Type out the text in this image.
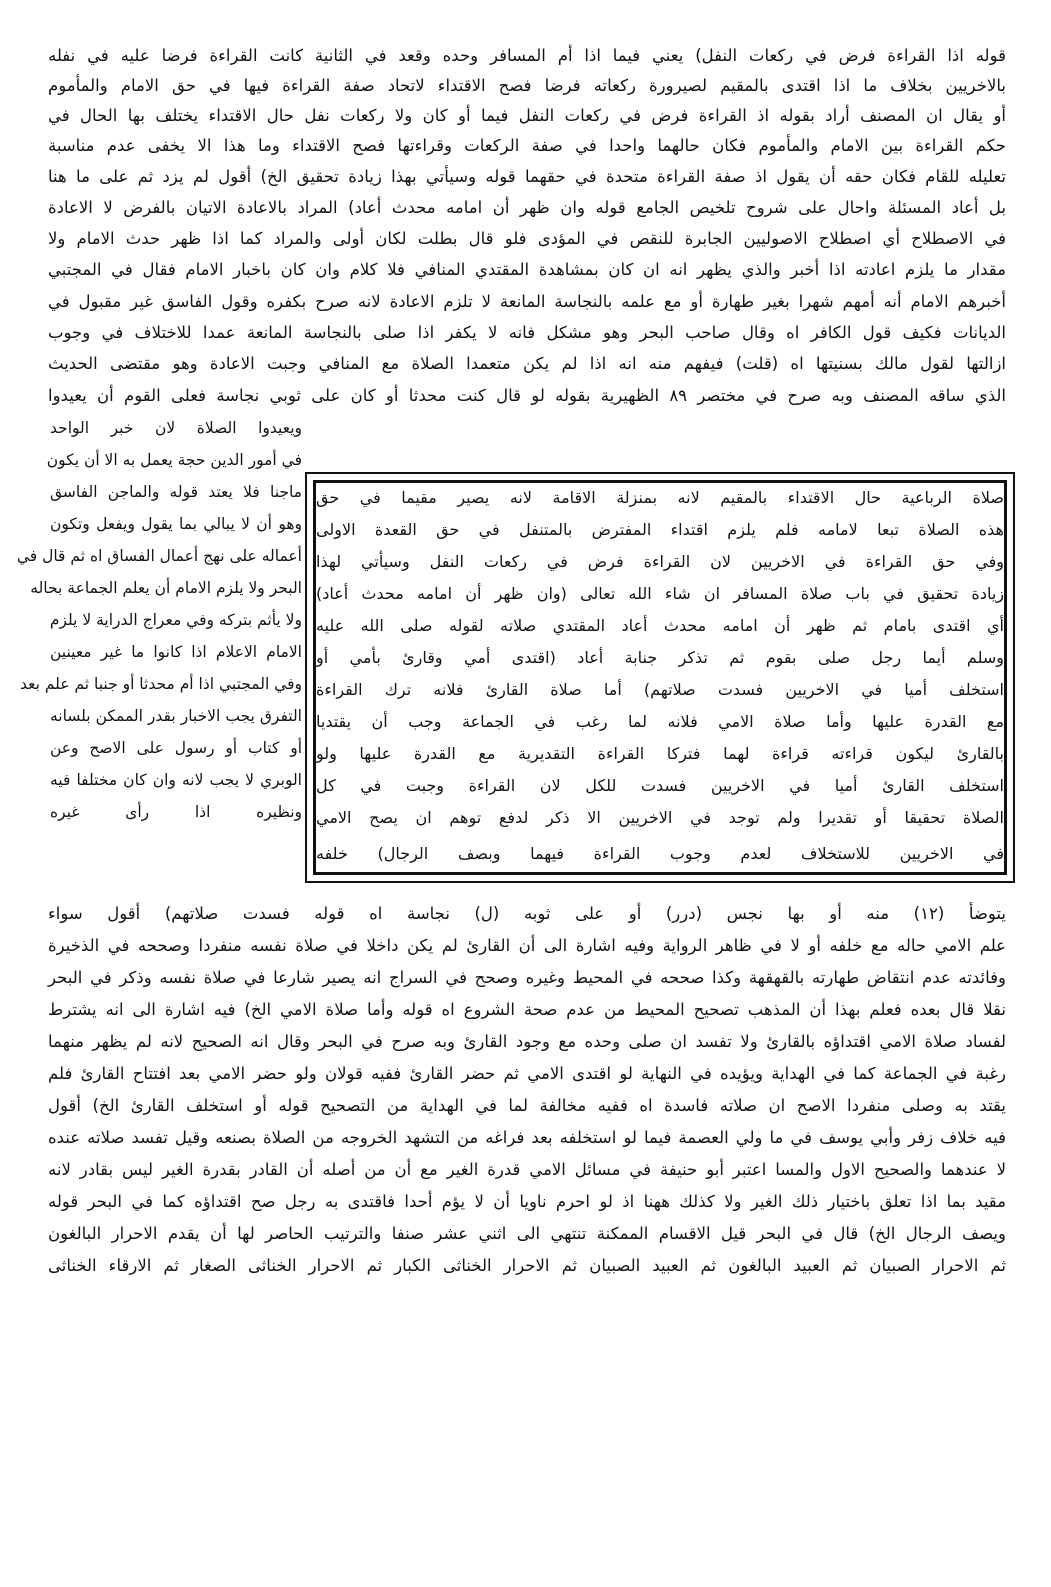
قوله اذا القراءة فرض في ركعات النفل) يعني فيما اذا أم المسافر وحده وقعد في الثانية كانت القراءة فرضا عليه في نفله
بالاخريين بخلاف ما اذا اقتدى بالمقيم لصيرورة ركعاته فرضا فصح الاقتداء لاتحاد صفة القراءة فيها في حق الامام والمأموم
أو يقال ان المصنف أراد بقوله اذ القراءة فرض في ركعات النفل فيما أو كان ولا ركعات نفل حال الاقتداء يختلف بها الحال في
حكم القراءة بين الامام والمأموم فكان حالهما واحدا في صفة الركعات وقراءتها فصح الاقتداء وما هذا الا يخفى عدم مناسبة
تعليله للقام فكان حقه أن يقول اذ صفة القراءة متحدة في حقهما قوله وسيأتي بهذا زيادة تحقيق الخ) أقول لم يزد ثم على ما هنا
بل أعاد المسئلة واحال على شروح تلخيص الجامع قوله وان ظهر أن امامه محدث أعاد) المراد بالاعادة الاتيان بالفرض لا الاعادة
في الاصطلاح أي اصطلاح الاصوليين الجابرة للنقص في المؤدى فلو قال بطلت لكان أولى والمراد كما اذا ظهر حدث الامام ولا
مقدار ما يلزم اعادته اذا أخبر والذي يظهر انه ان كان بمشاهدة المقتدي المنافي فلا كلام وان كان باخبار الامام فقال في المجتبي
أخبرهم الامام أنه أمهم شهرا بغير طهارة أو مع علمه بالنجاسة المانعة لا تلزم الاعادة لانه صرح بكفره وقول الفاسق غير مقبول في
الديانات فكيف قول الكافر اه وقال صاحب البحر وهو مشكل فانه لا يكفر اذا صلى بالنجاسة المانعة عمدا للاختلاف في وجوب
ازالتها لقول مالك بسنيتها اه (قلت) فيفهم منه انه اذا لم يكن متعمدا الصلاة مع المنافي وجبت الاعادة وهو مقتضى الحديث
الذي ساقه المصنف وبه صرح في مختصر ٨٩ الظهيرية بقوله لو قال كنت محدثا أو كان على ثوبي نجاسة فعلى القوم أن يعيدوا
ويعيدوا الصلاة لان خبر الواحد
في أمور الدين حجة يعمل به الا أن يكون
ماجنا فلا يعتد قوله والماجن الفاسق
وهو أن لا يبالي بما يقول ويفعل وتكون
أعماله على نهج أعمال الفساق اه ثم قال في
البحر ولا يلزم الامام أن يعلم الجماعة بحاله
ولا يأثم بتركه وفي معراج الدراية لا يلزم
الامام الاعلام اذا كانوا ما غير معينين
وفي المجتبي اذا أم محدثا أو جنبا ثم علم بعد
التفرق يجب الاخبار بقدر الممكن بلسانه
أو كتاب أو رسول على الاصح وعن
الوبري لا يجب لانه وان كان مختلفا فيه
ونظيره اذا رأى غيره
صلاة الرباعية حال الاقتداء بالمقيم لانه بمنزلة الاقامة لانه يصير مقيما في حق
هذه الصلاة تبعا لامامه فلم يلزم اقتداء المفترض بالمتنفل في حق القعدة الاولى
وفي حق القراءة في الاخريين لان القراءة فرض في ركعات النفل وسيأتي لهذا
زيادة تحقيق في باب صلاة المسافر ان شاء الله تعالى (وان ظهر أن امامه محدث أعاد)
أي اقتدى بامام ثم ظهر أن امامه محدث أعاد المقتدي صلاته لقوله صلى الله عليه
وسلم أيما رجل صلى بقوم ثم تذكر جنابة أعاد (اقتدى أمي وقارئ بأمي أو
استخلف أميا في الاخريين فسدت صلاتهم) أما صلاة القارئ فلانه ترك القراءة
مع القدرة عليها وأما صلاة الامي فلانه لما رغب في الجماعة وجب أن يقتديا
بالقارئ ليكون قراءته قراءة لهما فتركا القراءة التقديرية مع القدرة عليها ولو
استخلف القارئ أميا في الاخريين فسدت للكل لان القراءة وجبت في كل
الصلاة تحقيقا أو تقديرا ولم توجد في الاخريين الا ذكر لدفع توهم ان يصح الامي
في الاخريين للاستخلاف لعدم وجوب القراءة فيهما وبصف الرجال) خلفه
يتوضأ (١٢) منه أو بها نجس (درر) أو على ثوبه (ل) نجاسة اه قوله فسدت صلاتهم) أقول سواء
علم الامي حاله مع خلفه أو لا في ظاهر الرواية وفيه اشارة الى أن القارئ لم يكن داخلا في صلاة نفسه منفردا وصححه في الذخيرة
وفائدته عدم انتقاض طهارته بالقهقهة وكذا صححه في المحيط وغيره وصحح في السراج انه يصير شارعا في صلاة نفسه وذكر في البحر
نقلا قال بعده فعلم بهذا أن المذهب تصحيح المحيط من عدم صحة الشروع اه قوله وأما صلاة الامي الخ) فيه اشارة الى انه يشترط
لفساد صلاة الامي اقتداؤه بالقارئ ولا تفسد ان صلى وحده مع وجود القارئ وبه صرح في البحر وقال انه الصحيح لانه لم يظهر منهما
رغبة في الجماعة كما في الهداية ويؤيده في النهاية لو اقتدى الامي ثم حضر القارئ ففيه قولان ولو حضر الامي بعد افتتاح القارئ فلم
يقتد به وصلى منفردا الاصح ان صلاته فاسدة اه ففيه مخالفة لما في الهداية من التصحيح قوله أو استخلف القارئ الخ) أقول
فيه خلاف زفر وأبي يوسف في ما ولي العصمة فيما لو استخلفه بعد فراغه من التشهد الخروجه من الصلاة بصنعه وقيل تفسد صلاته عنده
لا عندهما والصحيح الاول والمسا اعتبر أبو حنيفة في مسائل الامي قدرة الغير مع أن من أصله أن القادر بقدرة الغير ليس بقادر لانه
مقيد بما اذا تعلق باختيار ذلك الغير ولا كذلك ههنا اذ لو احرم ناويا أن لا يؤم أحدا فاقتدى به رجل صح اقتداؤه كما في البحر قوله
ويصف الرجال الخ) قال في البحر قيل الاقسام الممكنة تنتهي الى اثني عشر صنفا والترتيب الحاصر لها أن يقدم الاحرار البالغون
ثم الاحرار الصبيان ثم العبيد البالغون ثم العبيد الصبيان ثم الاحرار الخناثى الكبار ثم الاحرار الخناثى الصغار ثم الارقاء الخناثى
